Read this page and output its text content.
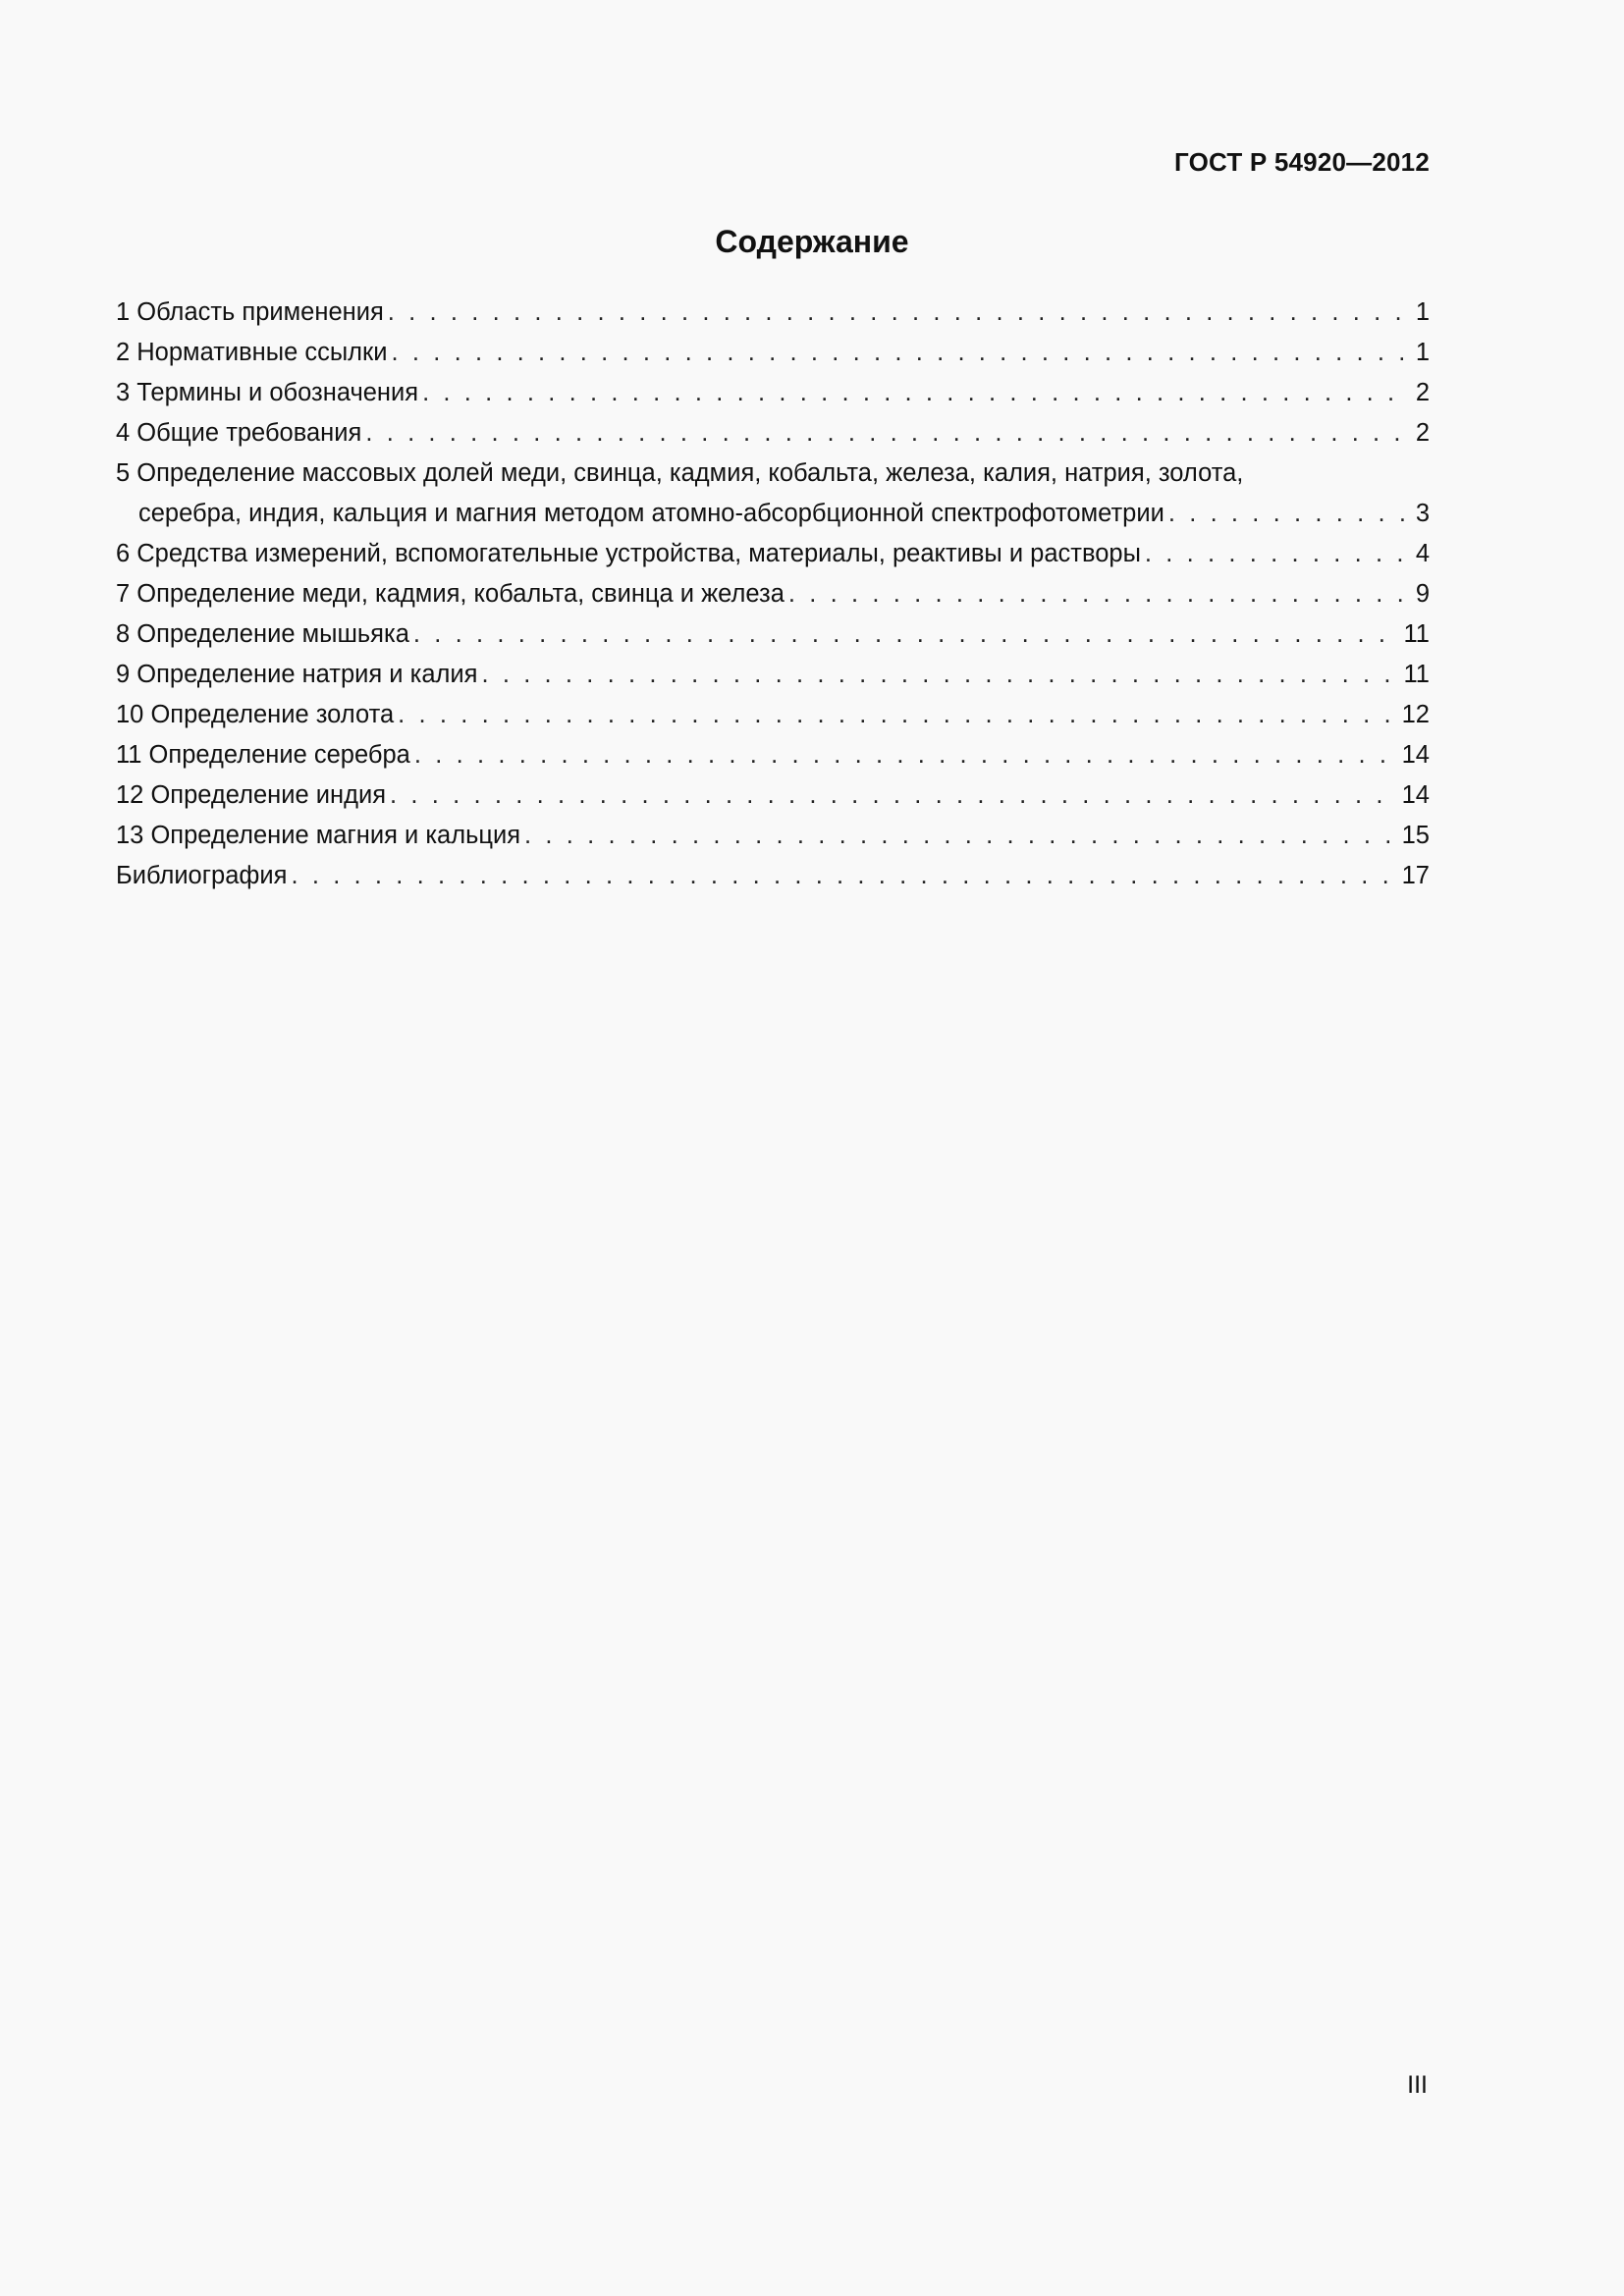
ГОСТ Р 54920—2012
Содержание
1 Область применения . . .	1
2 Нормативные ссылки . . .	1
3 Термины и обозначения . . .	2
4 Общие требования . . .	2
5 Определение массовых долей меди, свинца, кадмия, кобальта, железа, калия, натрия, золота,
серебра, индия, кальция и магния методом атомно-абсорбционной спектрофотометрии . . .	3
6 Средства измерений, вспомогательные устройства, материалы, реактивы и растворы . . .	4
7 Определение меди, кадмия, кобальта, свинца и железа . . .	9
8 Определение мышьяка . . .	11
9 Определение натрия и калия . . .	11
10 Определение золота . . .	12
11 Определение серебра . . .	14
12 Определение индия . . .	14
13 Определение магния и кальция . . .	15
Библиография . . .	17
III
